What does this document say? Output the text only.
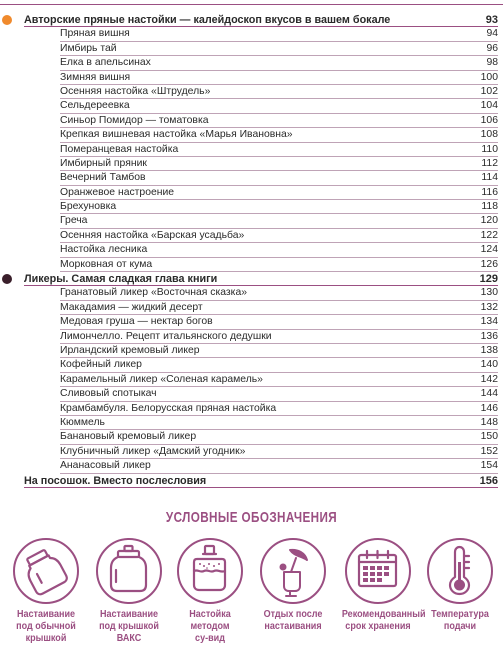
Авторские пряные настойки — калейдоскоп вкусов в вашем бокале	93
Пряная вишня	94
Имбирь тай	96
Елка в апельсинах	98
Зимняя вишня	100
Осенняя настойка «Штрудель»	102
Сельдереевка	104
Синьор Помидор — томатовка	106
Крепкая вишневая настойка «Марья Ивановна»	108
Померанцевая настойка	110
Имбирный пряник	112
Вечерний Тамбов	114
Оранжевое настроение	116
Брехуновка	118
Греча	120
Осенняя настойка «Барская усадьба»	122
Настойка лесника	124
Морковная от кума	126
Ликеры. Самая сладкая глава книги	129
Гранатовый ликер «Восточная сказка»	130
Макадамия — жидкий десерт	132
Медовая груша — нектар богов	134
Лимончелло. Рецепт итальянского дедушки	136
Ирландский кремовый ликер	138
Кофейный ликер	140
Карамельный ликер «Соленая карамель»	142
Сливовый спотыкач	144
Крамбамбуля. Белорусская пряная настойка	146
Кюммель	148
Банановый кремовый ликер	150
Клубничный ликер «Дамский угодник»	152
Ананасовый ликер	154
На посошок. Вместо послесловия	156
УСЛОВНЫЕ ОБОЗНАЧЕНИЯ
Настаивание
под обычной
крышкой
Настаивание
под крышкой
ВАКС
Настойка
методом
су-вид
Отдых после
настаивания
Рекомендованный
срок хранения
Температура
подачи
